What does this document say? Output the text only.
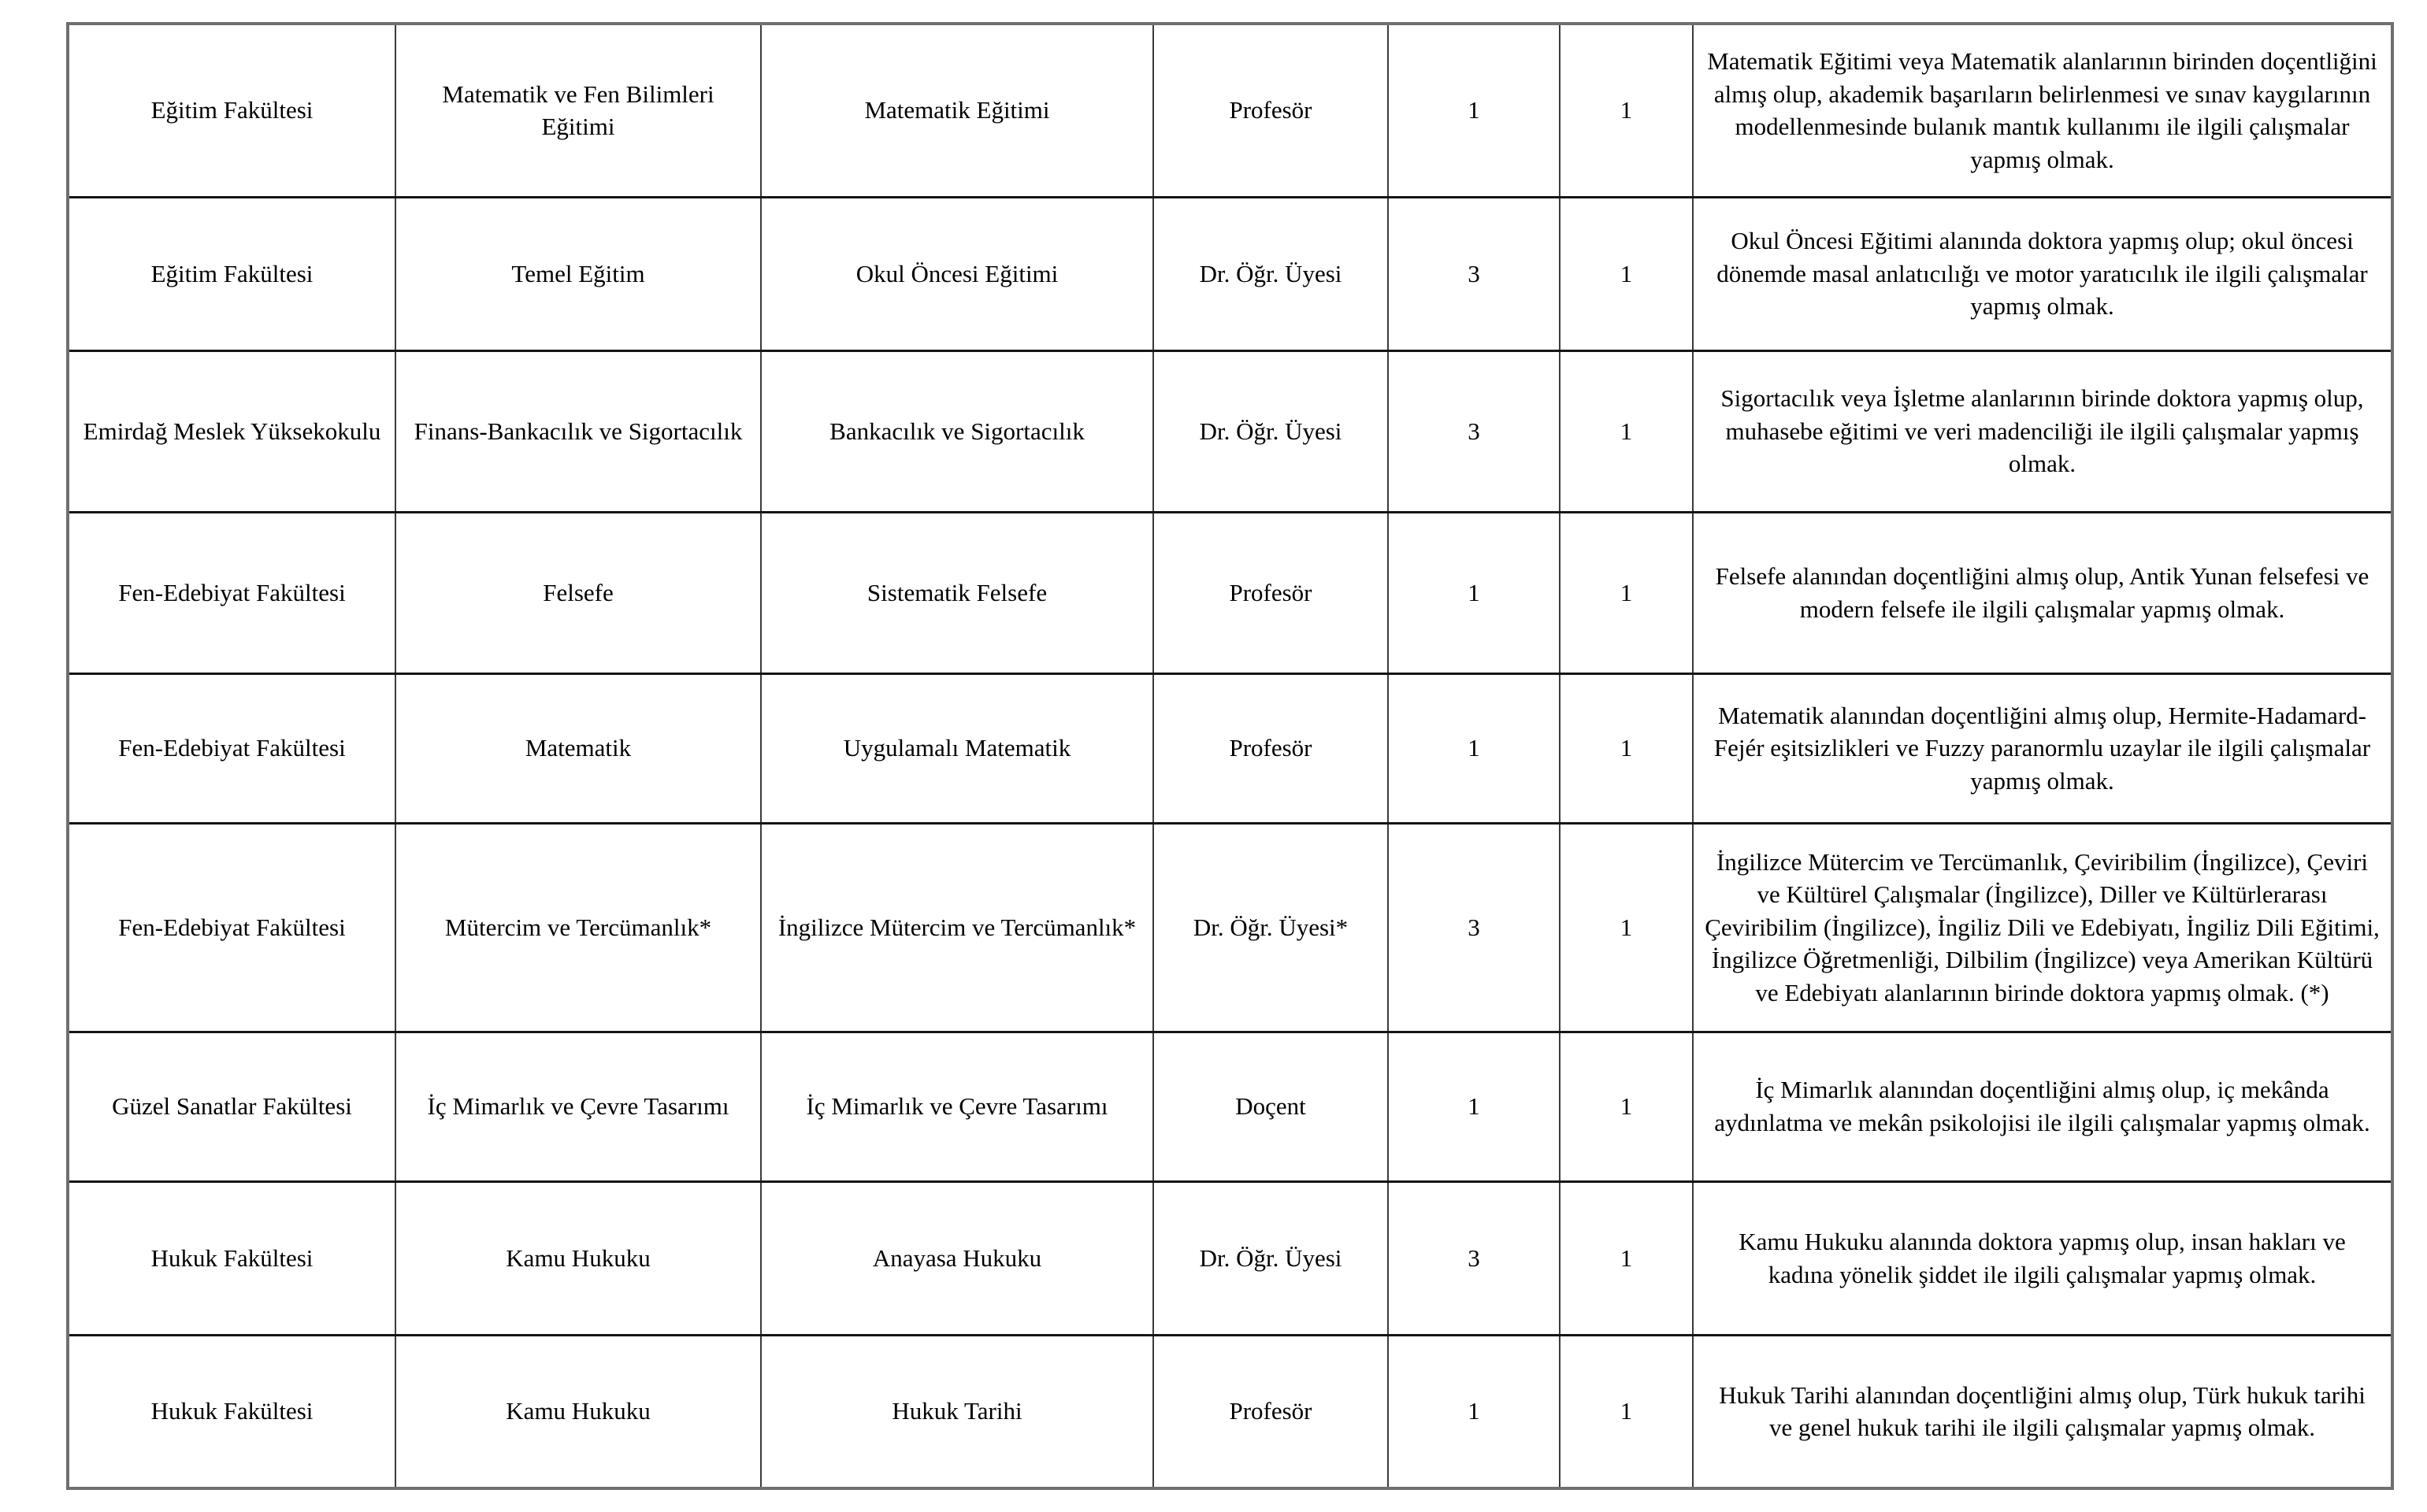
Eğitim Fakültesi	Matematik ve Fen Bilimleri Eğitimi	Matematik Eğitimi	Profesör	1	1	Matematik Eğitimi veya Matematik alanlarının birinden doçentliğini almış olup, akademik başarıların belirlenmesi ve sınav kaygılarının modellenmesinde bulanık mantık kullanımı ile ilgili çalışmalar yapmış olmak.
Eğitim Fakültesi	Temel Eğitim	Okul Öncesi Eğitimi	Dr. Öğr. Üyesi	3	1	Okul Öncesi Eğitimi alanında doktora yapmış olup; okul öncesi dönemde masal anlatıcılığı ve motor yaratıcılık ile ilgili çalışmalar yapmış olmak.
Emirdağ Meslek Yüksekokulu	Finans-Bankacılık ve Sigortacılık	Bankacılık ve Sigortacılık	Dr. Öğr. Üyesi	3	1	Sigortacılık veya İşletme alanlarının birinde doktora yapmış olup, muhasebe eğitimi ve veri madenciliği ile ilgili çalışmalar yapmış olmak.
Fen-Edebiyat Fakültesi	Felsefe	Sistematik Felsefe	Profesör	1	1	Felsefe alanından doçentliğini almış olup, Antik Yunan felsefesi ve modern felsefe ile ilgili çalışmalar yapmış olmak.
Fen-Edebiyat Fakültesi	Matematik	Uygulamalı Matematik	Profesör	1	1	Matematik alanından doçentliğini almış olup, Hermite-Hadamard-Fejér eşitsizlikleri ve Fuzzy paranormlu uzaylar ile ilgili çalışmalar yapmış olmak.
Fen-Edebiyat Fakültesi	Mütercim ve Tercümanlık*	İngilizce Mütercim ve Tercümanlık*	Dr. Öğr. Üyesi*	3	1	İngilizce Mütercim ve Tercümanlık, Çeviribilim (İngilizce), Çeviri ve Kültürel Çalışmalar (İngilizce), Diller ve Kültürlerarası Çeviribilim (İngilizce), İngiliz Dili ve Edebiyatı, İngiliz Dili Eğitimi, İngilizce Öğretmenliği, Dilbilim (İngilizce) veya Amerikan Kültürü ve Edebiyatı alanlarının birinde doktora yapmış olmak. (*)
Güzel Sanatlar Fakültesi	İç Mimarlık ve Çevre Tasarımı	İç Mimarlık ve Çevre Tasarımı	Doçent	1	1	İç Mimarlık alanından doçentliğini almış olup, iç mekânda aydınlatma ve mekân psikolojisi ile ilgili çalışmalar yapmış olmak.
Hukuk Fakültesi	Kamu Hukuku	Anayasa Hukuku	Dr. Öğr. Üyesi	3	1	Kamu Hukuku alanında doktora yapmış olup, insan hakları ve kadına yönelik şiddet ile ilgili çalışmalar yapmış olmak.
Hukuk Fakültesi	Kamu Hukuku	Hukuk Tarihi	Profesör	1	1	Hukuk Tarihi alanından doçentliğini almış olup, Türk hukuk tarihi ve genel hukuk tarihi ile ilgili çalışmalar yapmış olmak.
